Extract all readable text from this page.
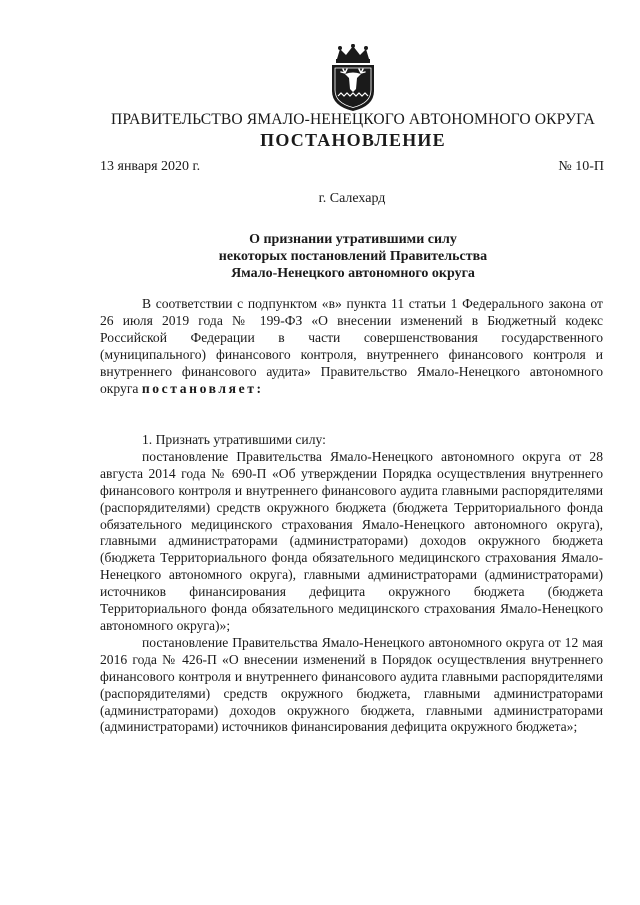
ПРАВИТЕЛЬСТВО ЯМАЛО-НЕНЕЦКОГО АВТОНОМНОГО ОКРУГА
ПОСТАНОВЛЕНИЕ
13 января 2020 г.	№ 10-П
г. Салехард
О признании утратившими силу
некоторых постановлений Правительства
Ямало-Ненецкого автономного округа

В соответствии с подпунктом «в» пункта 11 статьи 1 Федерального закона от 26 июля 2019 года № 199-ФЗ «О внесении изменений в Бюджетный кодекс Российской Федерации в части совершенствования государственного (муниципального) финансового контроля, внутреннего финансового контроля и внутреннего финансового аудита» Правительство Ямало-Ненецкого автономного округа постановляет:

1. Признать утратившими силу:

постановление Правительства Ямало-Ненецкого автономного округа от 28 августа 2014 года № 690-П «Об утверждении Порядка осуществления внутреннего финансового контроля и внутреннего финансового аудита главными распорядителями (распорядителями) средств окружного бюджета (бюджета Территориального фонда обязательного медицинского страхования Ямало-Ненецкого автономного округа), главными администраторами (администраторами) доходов окружного бюджета (бюджета Территориального фонда обязательного медицинского страхования Ямало-Ненецкого автономного округа), главными администраторами (администраторами) источников финансирования дефицита окружного бюджета (бюджета Территориального фонда обязательного медицинского страхования Ямало-Ненецкого автономного округа)»;

постановление Правительства Ямало-Ненецкого автономного округа от 12 мая 2016 года № 426-П «О внесении изменений в Порядок осуществления внутреннего финансового контроля и внутреннего финансового аудита главными распорядителями (распорядителями) средств окружного бюджета, главными администраторами (администраторами) доходов окружного бюджета, главными администраторами (администраторами) источников финансирования дефицита окружного бюджета»;
